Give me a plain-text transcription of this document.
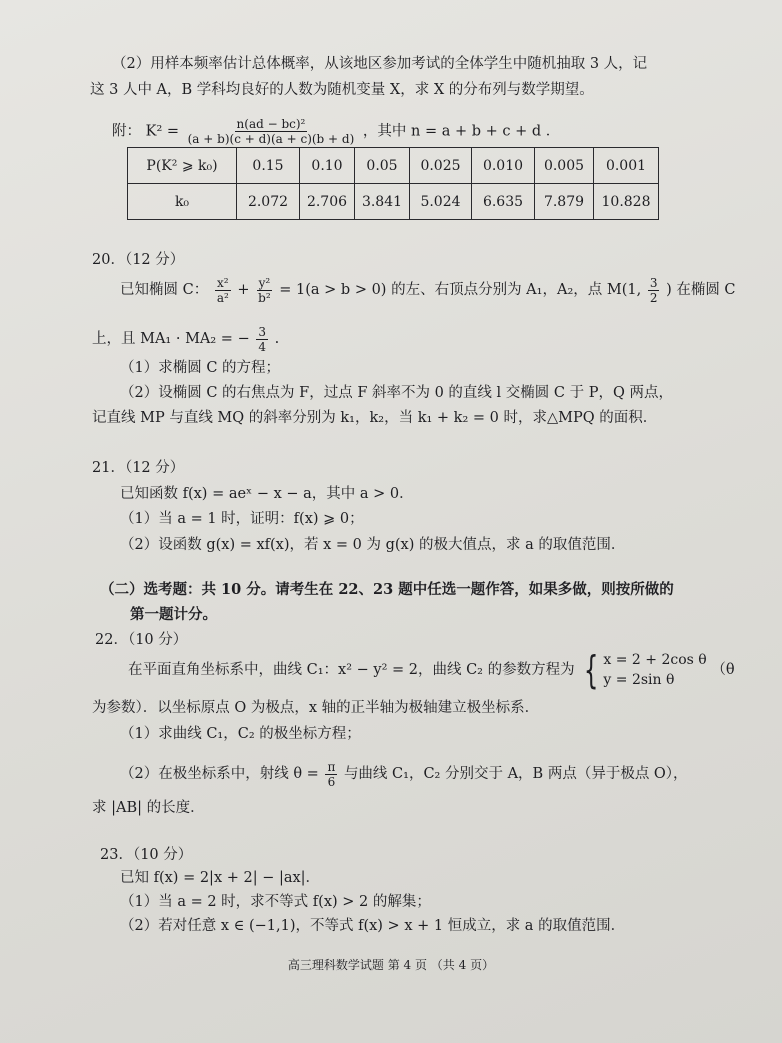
（2）用样本频率估计总体概率，从该地区参加考试的全体学生中随机抽取 3 人，记
这 3 人中 A，B 学科均良好的人数为随机变量 X，求 X 的分布列与数学期望。
附： $K^2 = \frac{\text{n(ad − bc)²}}{(a + b)(c + d)(a + c)(b + d)}$ ，其中 n = a + b + c + d ．
P(K² ⩾ k₀)	0.15	0.10	0.05	0.025	0.010	0.005	0.001
k₀	2.072	2.706	3.841	5.024	6.635	7.879	10.828
20．（12 分）
已知椭圆 C： $\frac{\text{x²}}{\text{a²}} + \frac{\text{y²}}{\text{b²}} = 1(a > b > 0)$ 的左、右顶点分别为 A₁，A₂，点 M(1, $\frac{3}{2}$ ) 在椭圆 C
上，且 MA₁ · MA₂ = − $\frac{3}{4}$ .
（1）求椭圆 C 的方程；
（2）设椭圆 C 的右焦点为 F，过点 F 斜率不为 0 的直线 l 交椭圆 C 于 P，Q 两点，
记直线 MP 与直线 MQ 的斜率分别为 k₁，k₂，当 k₁ + k₂ = 0 时，求△MPQ 的面积．
21．（12 分）
已知函数 f(x) = aeˣ − x − a，其中 a > 0．
（1）当 a = 1 时，证明：f(x) ⩾ 0；
（2）设函数 g(x) = xf(x)，若 x = 0 为 g(x) 的极大值点，求 a 的取值范围．
（二）选考题：共 10 分。请考生在 22、23 题中任选一题作答，如果多做，则按所做的
第一题计分。
22．（10 分）
在平面直角坐标系中，曲线 C₁：x² − y² = 2，曲线 C₂ 的参数方程为 { x = 2 + 2cos θ
y = 2sin θ
（θ
为参数）．以坐标原点 O 为极点，x 轴的正半轴为极轴建立极坐标系．
（1）求曲线 C₁，C₂ 的极坐标方程；
（2）在极坐标系中，射线 $\theta = \frac{\pi}{6}$ 与曲线 C₁，C₂ 分别交于 A，B 两点（异于极点 O），
求 |AB| 的长度．
23．（10 分）
已知 f(x) = 2|x + 2| − |ax|．
（1）当 a = 2 时，求不等式 f(x) > 2 的解集；
（2）若对任意 x ∈ (−1,1)，不等式 f(x) > x + 1 恒成立，求 a 的取值范围．
高三理科数学试题 第 4 页 （共 4 页）
